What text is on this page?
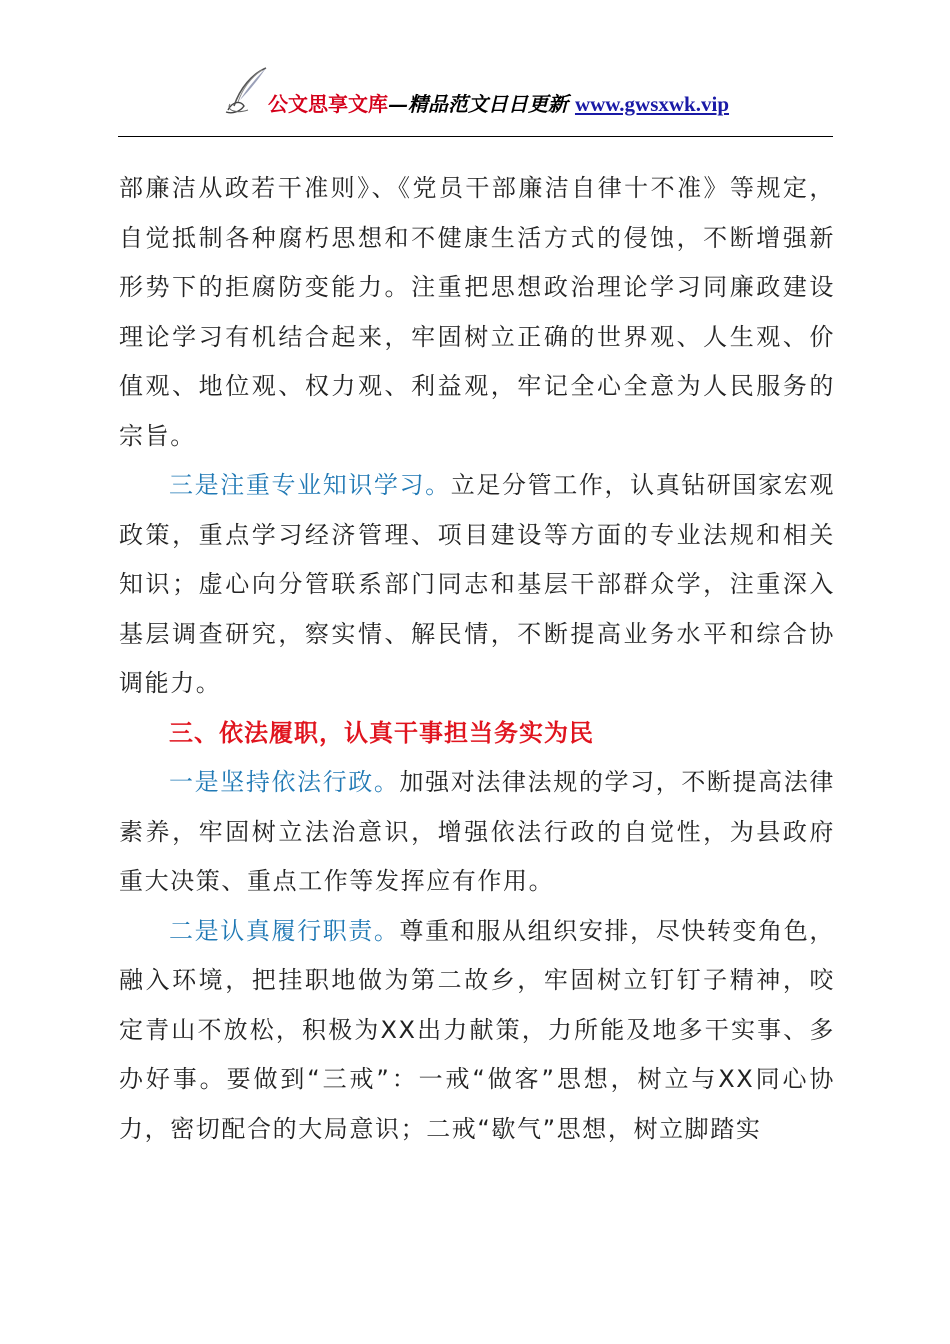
公文思享文库—精品范文日日更新 www.gwsxwk.vip

部廉洁从政若干准则》、《党员干部廉洁自律十不准》等规定，自觉抵制各种腐朽思想和不健康生活方式的侵蚀，不断增强新形势下的拒腐防变能力。注重把思想政治理论学习同廉政建设理论学习有机结合起来，牢固树立正确的世界观、人生观、价值观、地位观、权力观、利益观，牢记全心全意为人民服务的宗旨。

三是注重专业知识学习。立足分管工作，认真钻研国家宏观政策，重点学习经济管理、项目建设等方面的专业法规和相关知识；虚心向分管联系部门同志和基层干部群众学，注重深入基层调查研究，察实情、解民情，不断提高业务水平和综合协调能力。

三、依法履职，认真干事担当务实为民

一是坚持依法行政。加强对法律法规的学习，不断提高法律素养，牢固树立法治意识，增强依法行政的自觉性，为县政府重大决策、重点工作等发挥应有作用。

二是认真履行职责。尊重和服从组织安排，尽快转变角色，融入环境，把挂职地做为第二故乡，牢固树立钉钉子精神，咬定青山不放松，积极为XX出力献策，力所能及地多干实事、多办好事。要做到“三戒”：一戒“做客”思想，树立与XX同心协力，密切配合的大局意识；二戒“歇气”思想，树立脚踏实
